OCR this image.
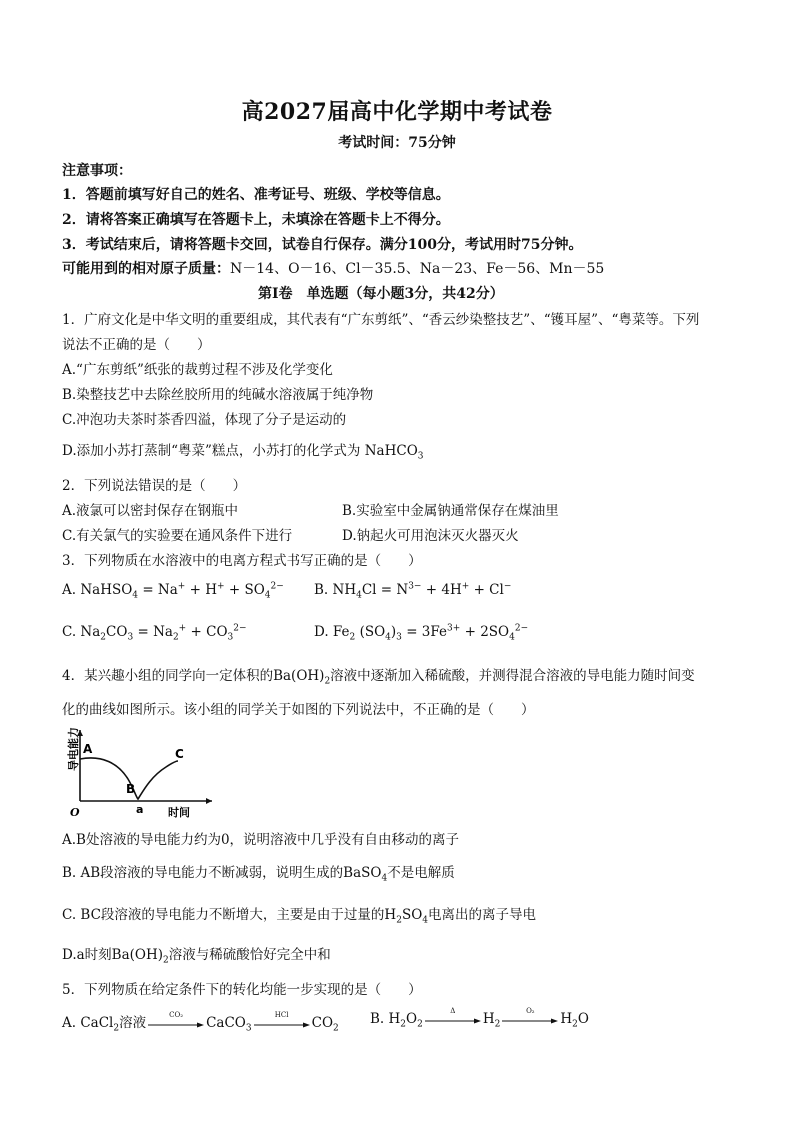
高2027届高中化学期中考试卷
考试时间：75分钟
注意事项：
1．答题前填写好自己的姓名、准考证号、班级、学校等信息。
2．请将答案正确填写在答题卡上，未填涂在答题卡上不得分。
3．考试结束后，请将答题卡交回，试卷自行保存。满分100分，考试用时75分钟。
可能用到的相对原子质量：N－14、O－16、Cl－35.5、Na－23、Fe－56、Mn－55
第I卷　单选题（每小题3分，共42分）
1．广府文化是中华文明的重要组成，其代表有“广东剪纸”、“香云纱染整技艺”、“镬耳屋”、“粤菜等。下列
说法不正确的是（　　）
A.“广东剪纸”纸张的裁剪过程不涉及化学变化
B.染整技艺中去除丝胶所用的纯碱水溶液属于纯净物
C.冲泡功夫茶时茶香四溢，体现了分子是运动的
D.添加小苏打蒸制“粤菜”糕点，小苏打的化学式为 NaHCO$_3$
2．下列说法错误的是（　　）
A.液氯可以密封保存在钢瓶中	B.实验室中金属钠通常保存在煤油里
C.有关氯气的实验要在通风条件下进行	D.钠起火可用泡沫灭火器灭火
3．下列物质在水溶液中的电离方程式书写正确的是（　　）
A. NaHSO$_4$ = $Na^+ + H^+ + SO_4^{2-}$ B. $NH_4Cl = N^{3-} + 4H^+ + Cl^-$
C. $Na_2CO_3 = Na_2^+ + CO_3^{2-}$	D. $Fe_2$ $(SO_4)_3 = 3Fe^{3+} + 2SO_4^{2-}$
4．某兴趣小组的同学向一定体积的$Ba(OH)_2$溶液中逐渐加入稀硫酸，并测得混合溶液的导电能力随时间变
化的曲线如图所示。该小组的同学关于如图的下列说法中，不正确的是（　　）
导电能力
时间
O
A
B
C
a
A.B处溶液的导电能力约为0，说明溶液中几乎没有自由移动的离子
B. AB段溶液的导电能力不断减弱，说明生成的BaSO$_4$不是电解质
C. BC段溶液的导电能力不断增大，主要是由于过量的$H_2SO_4$电离出的离子导电
D.a时刻$Ba(OH)_2$溶液与稀硫酸恰好完全中和
5．下列物质在给定条件下的转化均能一步实现的是（　　）
A. CaCl$_2$溶液
CO₂
CaCO$_3$
HCl
$CO_2$
B. $H_2O_2$
Δ
$H_2$
O₂
$H_2O$
